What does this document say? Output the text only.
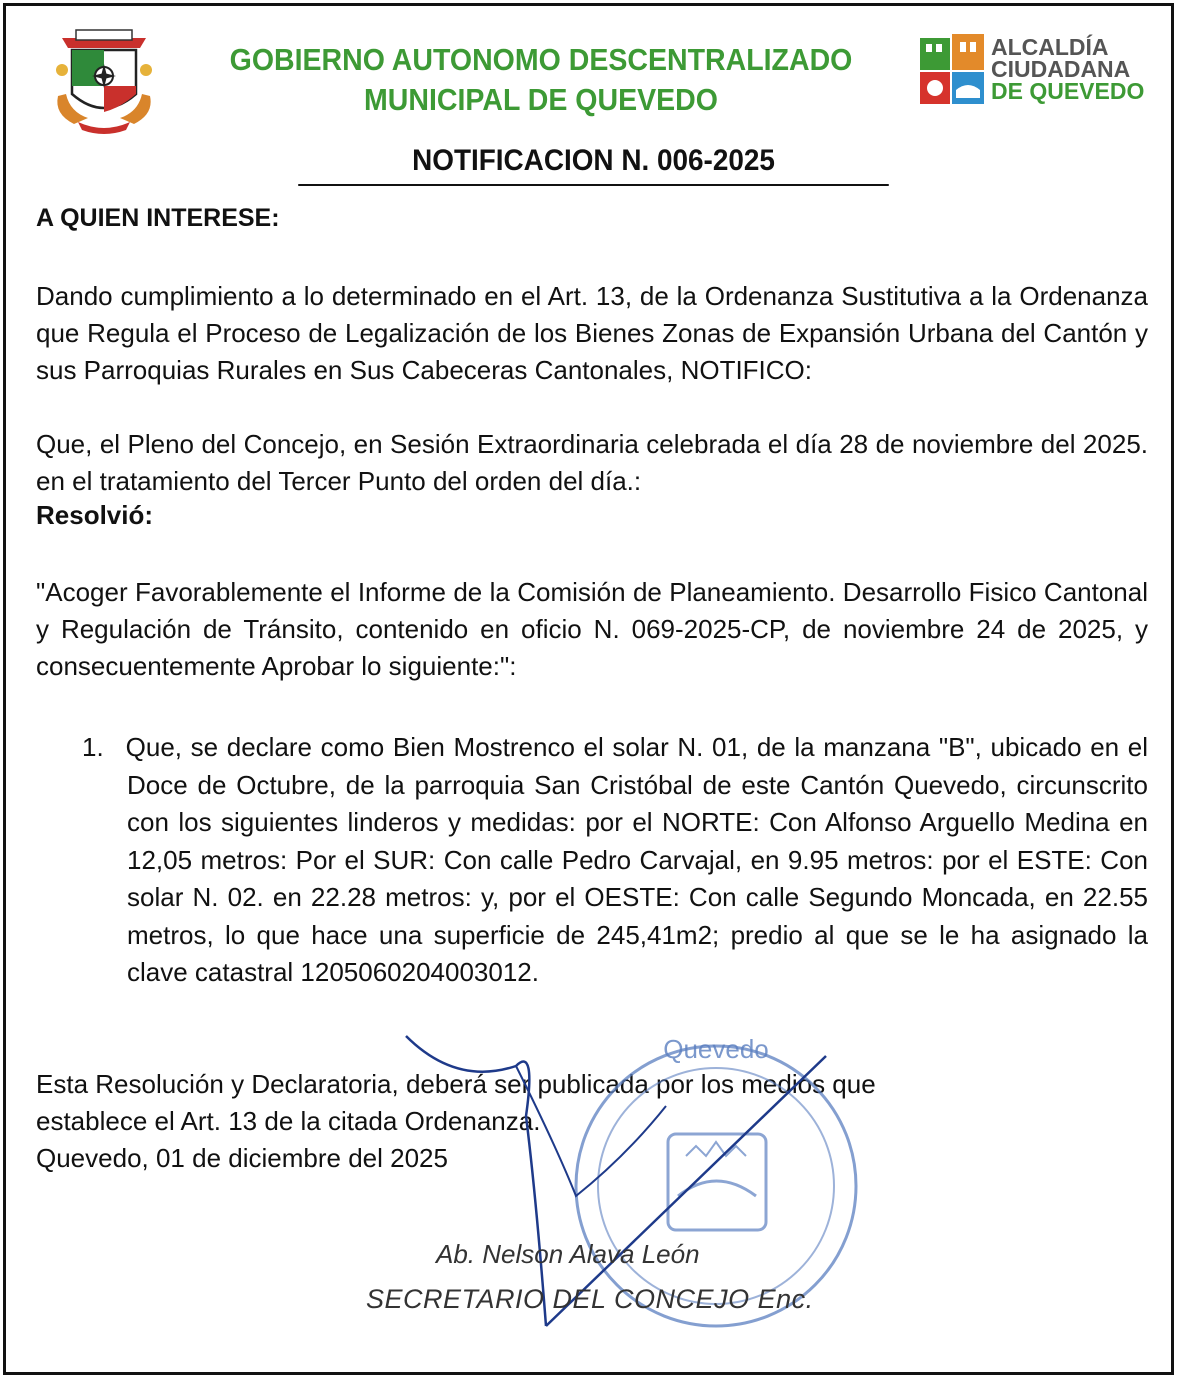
GOBIERNO AUTONOMO DESCENTRALIZADO
MUNICIPAL DE QUEVEDO
ALCALDÍA
CIUDADANA
DE QUEVEDO
NOTIFICACION N. 006-2025
A QUIEN INTERESE:
Dando cumplimiento a lo determinado en el Art. 13, de la Ordenanza Sustitutiva a la Ordenanza que Regula el Proceso de Legalización de los Bienes Zonas de Expansión Urbana del Cantón y sus Parroquias Rurales en Sus Cabeceras Cantonales, NOTIFICO:
Que, el Pleno del Concejo, en Sesión Extraordinaria celebrada el día 28 de noviembre del 2025. en el tratamiento del Tercer Punto del orden del día.:
Resolvió:
"Acoger Favorablemente el Informe de la Comisión de Planeamiento. Desarrollo Fisico Cantonal y Regulación de Tránsito, contenido en oficio N. 069-2025-CP, de noviembre 24 de 2025, y consecuentemente Aprobar lo siguiente:":
1. Que, se declare como Bien Mostrenco el solar N. 01, de la manzana "B", ubicado en el Doce de Octubre, de la parroquia San Cristóbal de este Cantón Quevedo, circunscrito con los siguientes linderos y medidas: por el NORTE: Con Alfonso Arguello Medina en 12,05 metros: Por el SUR: Con calle Pedro Carvajal, en 9.95 metros: por el ESTE: Con solar N. 02. en 22.28 metros: y, por el OESTE: Con calle Segundo Moncada, en 22.55 metros, lo que hace una superficie de 245,41m2; predio al que se le ha asignado la clave catastral 1205060204003012.
Esta Resolución y Declaratoria, deberá ser publicada por los medios que
establece el Art. 13 de la citada Ordenanza.
Quevedo, 01 de diciembre del 2025
Quevedo
Ab. Nelson Alava León
SECRETARIO DEL CONCEJO Enc.
